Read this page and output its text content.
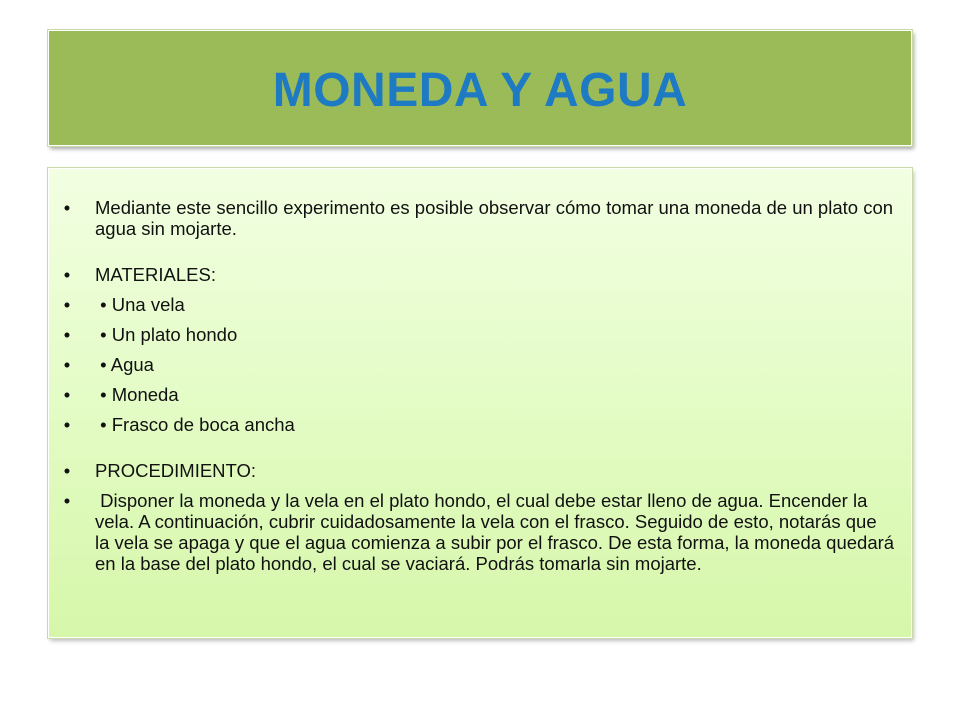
MONEDA Y AGUA
• Mediante este sencillo experimento es posible observar cómo tomar una moneda de un plato con agua sin mojarte.
• MATERIALES:
• • Una vela
• • Un plato hondo
• • Agua
• • Moneda
• • Frasco de boca ancha
• PROCEDIMIENTO:
• Disponer la moneda y la vela en el plato hondo, el cual debe estar lleno de agua. Encender la vela. A continuación, cubrir cuidadosamente la vela con el frasco. Seguido de esto, notarás que la vela se apaga y que el agua comienza a subir por el frasco. De esta forma, la moneda quedará en la base del plato hondo, el cual se vaciará. Podrás tomarla sin mojarte.
